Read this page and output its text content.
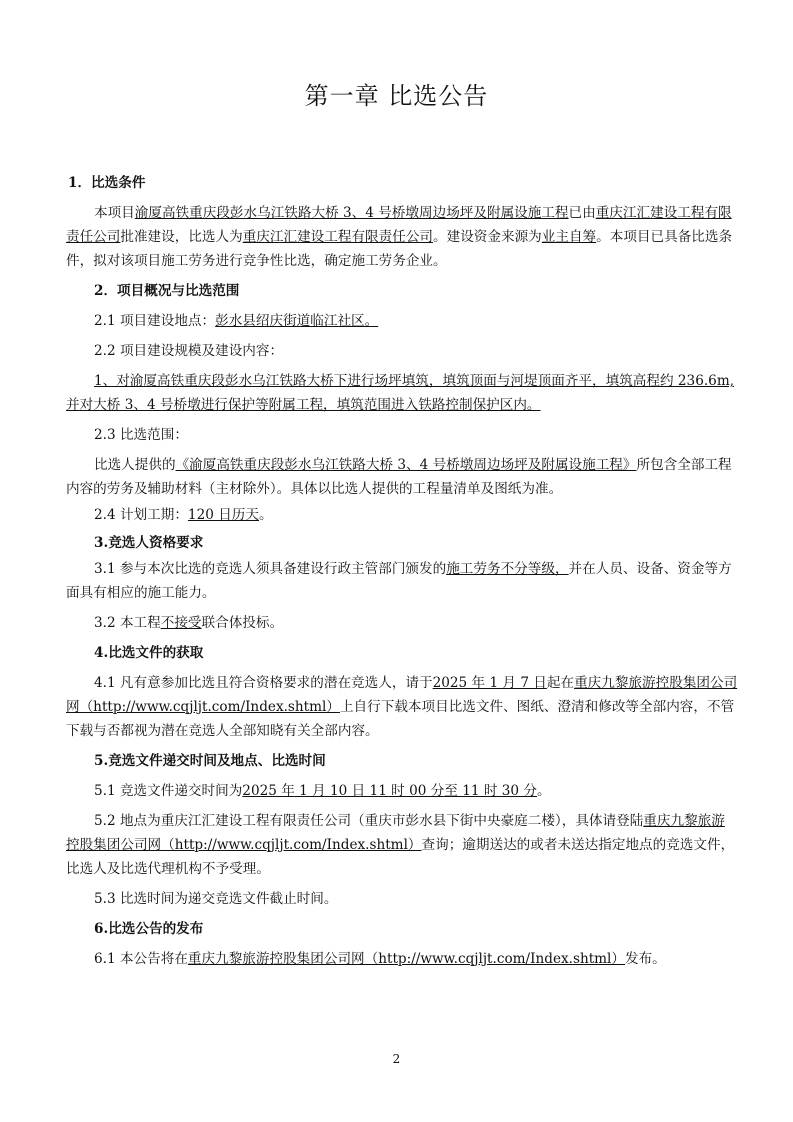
第一章 比选公告

1．比选条件

本项目渝厦高铁重庆段彭水乌江铁路大桥 3、4 号桥墩周边场坪及附属设施工程已由重庆江汇建设工程有限责任公司批准建设，比选人为重庆江汇建设工程有限责任公司。建设资金来源为业主自筹。本项目已具备比选条件，拟对该项目施工劳务进行竞争性比选，确定施工劳务企业。

2．项目概况与比选范围

2.1 项目建设地点：彭水县绍庆街道临江社区。

2.2 项目建设规模及建设内容：

1、对渝厦高铁重庆段彭水乌江铁路大桥下进行场坪填筑，填筑顶面与河堤顶面齐平，填筑高程约 236.6m,并对大桥 3、4 号桥墩进行保护等附属工程，填筑范围进入铁路控制保护区内。

2.3 比选范围：

比选人提供的《渝厦高铁重庆段彭水乌江铁路大桥 3、4 号桥墩周边场坪及附属设施工程》所包含全部工程内容的劳务及辅助材料（主材除外）。具体以比选人提供的工程量清单及图纸为准。

2.4 计划工期：120 日历天。

3.竞选人资格要求

3.1 参与本次比选的竞选人须具备建设行政主管部门颁发的施工劳务不分等级，并在人员、设备、资金等方面具有相应的施工能力。

3.2 本工程不接受联合体投标。

4.比选文件的获取

4.1 凡有意参加比选且符合资格要求的潜在竞选人，请于2025 年 1 月 7 日起在重庆九黎旅游控股集团公司网（http://www.cqjljt.com/Index.shtml）上自行下载本项目比选文件、图纸、澄清和修改等全部内容，不管下载与否都视为潜在竞选人全部知晓有关全部内容。

5.竞选文件递交时间及地点、比选时间

5.1 竞选文件递交时间为2025 年 1 月 10 日 11 时 00 分至 11 时 30 分。

5.2 地点为重庆江汇建设工程有限责任公司（重庆市彭水县下街中央豪庭二楼），具体请登陆重庆九黎旅游控股集团公司网（http://www.cqjljt.com/Index.shtml）查询；逾期送达的或者未送达指定地点的竞选文件，比选人及比选代理机构不予受理。

5.3 比选时间为递交竞选文件截止时间。

6.比选公告的发布

6.1 本公告将在重庆九黎旅游控股集团公司网（http://www.cqjljt.com/Index.shtml）发布。

2
